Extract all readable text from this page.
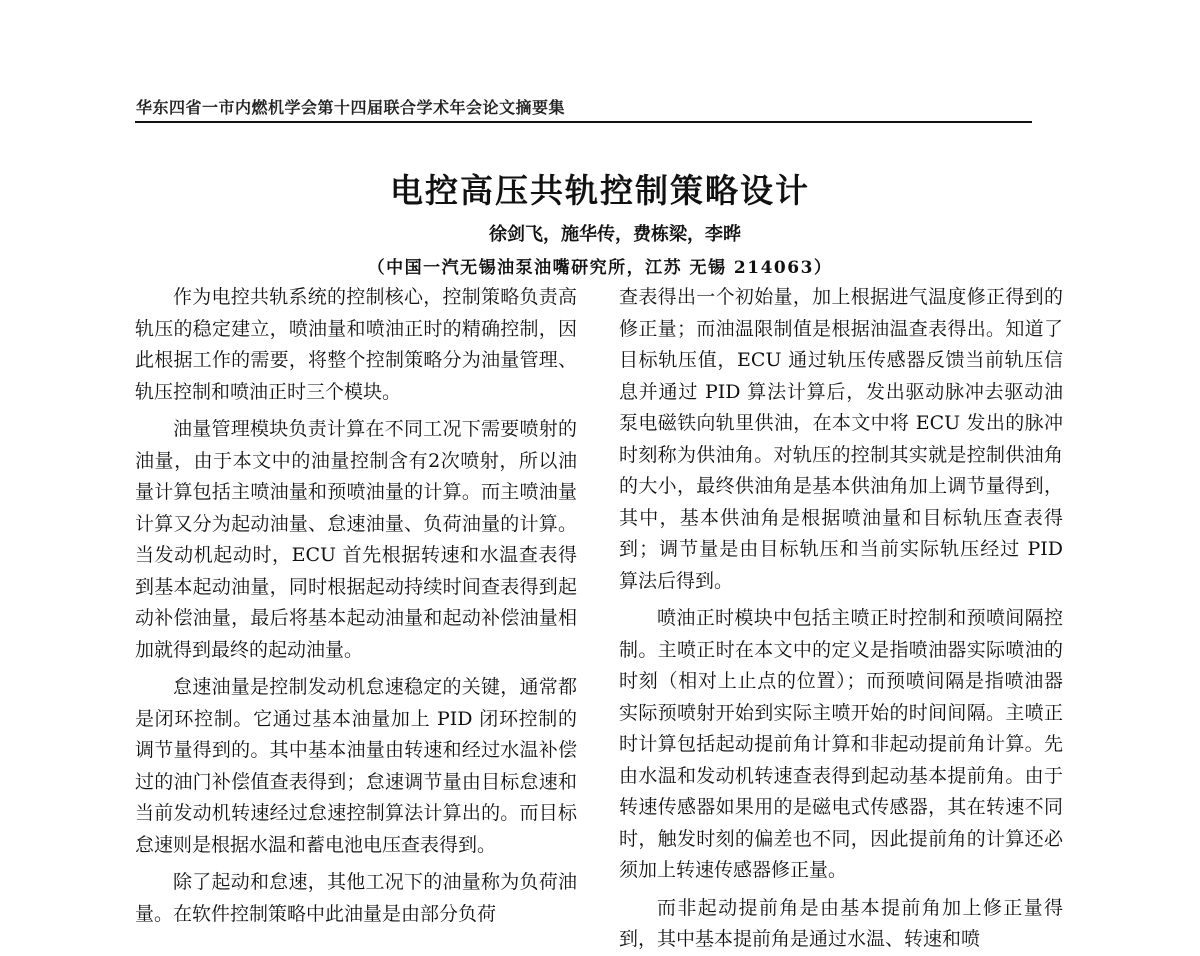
华东四省一市内燃机学会第十四届联合学术年会论文摘要集
电控高压共轨控制策略设计
徐剑飞，施华传，费栋梁，李晔
（中国一汽无锡油泵油嘴研究所，江苏 无锡 214063）

作为电控共轨系统的控制核心，控制策略负责高轨压的稳定建立，喷油量和喷油正时的精确控制，因此根据工作的需要，将整个控制策略分为油量管理、轨压控制和喷油正时三个模块。

油量管理模块负责计算在不同工况下需要喷射的油量，由于本文中的油量控制含有2次喷射，所以油量计算包括主喷油量和预喷油量的计算。而主喷油量计算又分为起动油量、怠速油量、负荷油量的计算。当发动机起动时，ECU 首先根据转速和水温查表得到基本起动油量，同时根据起动持续时间查表得到起动补偿油量，最后将基本起动油量和起动补偿油量相加就得到最终的起动油量。

怠速油量是控制发动机怠速稳定的关键，通常都是闭环控制。它通过基本油量加上 PID 闭环控制的调节量得到的。其中基本油量由转速和经过水温补偿过的油门补偿值查表得到；怠速调节量由目标怠速和当前发动机转速经过怠速控制算法计算出的。而目标怠速则是根据水温和蓄电池电压查表得到。

除了起动和怠速，其他工况下的油量称为负荷油量。在软件控制策略中此油量是由部分负荷

查表得出一个初始量，加上根据进气温度修正得到的修正量；而油温限制值是根据油温查表得出。知道了目标轨压值，ECU 通过轨压传感器反馈当前轨压信息并通过 PID 算法计算后，发出驱动脉冲去驱动油泵电磁铁向轨里供油，在本文中将 ECU 发出的脉冲时刻称为供油角。对轨压的控制其实就是控制供油角的大小，最终供油角是基本供油角加上调节量得到，其中，基本供油角是根据喷油量和目标轨压查表得到；调节量是由目标轨压和当前实际轨压经过 PID 算法后得到。

喷油正时模块中包括主喷正时控制和预喷间隔控制。主喷正时在本文中的定义是指喷油器实际喷油的时刻（相对上止点的位置）；而预喷间隔是指喷油器实际预喷射开始到实际主喷开始的时间间隔。主喷正时计算包括起动提前角计算和非起动提前角计算。先由水温和发动机转速查表得到起动基本提前角。由于转速传感器如果用的是磁电式传感器，其在转速不同时，触发时刻的偏差也不同，因此提前角的计算还必须加上转速传感器修正量。

而非起动提前角是由基本提前角加上修正量得到，其中基本提前角是通过水温、转速和喷
